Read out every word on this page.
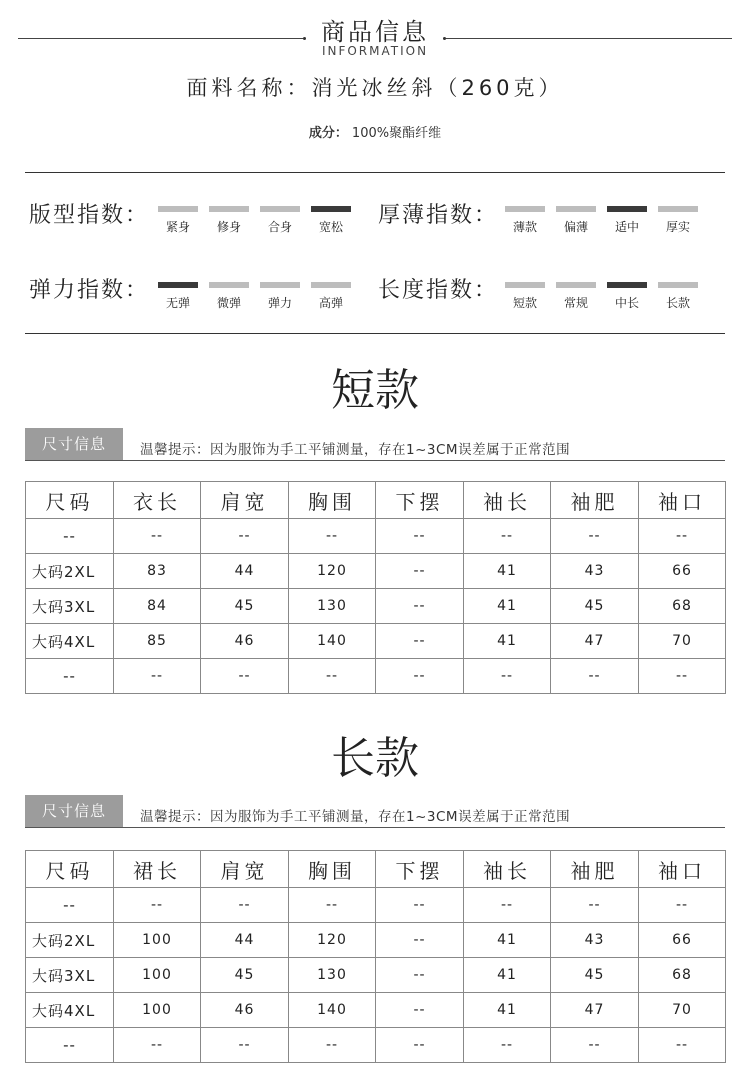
商品信息
INFORMATION
面料名称：消光冰丝斜（260克）
成分： 100%聚酯纤维
版型指数：	紧身	修身	合身	宽松	厚薄指数：	薄款	偏薄	适中	厚实
弹力指数：	无弹	微弹	弹力	高弹	长度指数：	短款	常规	中长	长款
短款
尺寸信息	温馨提示：因为服饰为手工平铺测量，存在1~3CM误差属于正常范围
尺码	衣长	肩宽	胸围	下摆	袖长	袖肥	袖口
--	--	--	--	--	--	--	--
大码2XL	83	44	120	--	41	43	66
大码3XL	84	45	130	--	41	45	68
大码4XL	85	46	140	--	41	47	70
--	--	--	--	--	--	--	--
长款
尺寸信息	温馨提示：因为服饰为手工平铺测量，存在1~3CM误差属于正常范围
尺码	裙长	肩宽	胸围	下摆	袖长	袖肥	袖口
--	--	--	--	--	--	--	--
大码2XL	100	44	120	--	41	43	66
大码3XL	100	45	130	--	41	45	68
大码4XL	100	46	140	--	41	47	70
--	--	--	--	--	--	--	--
